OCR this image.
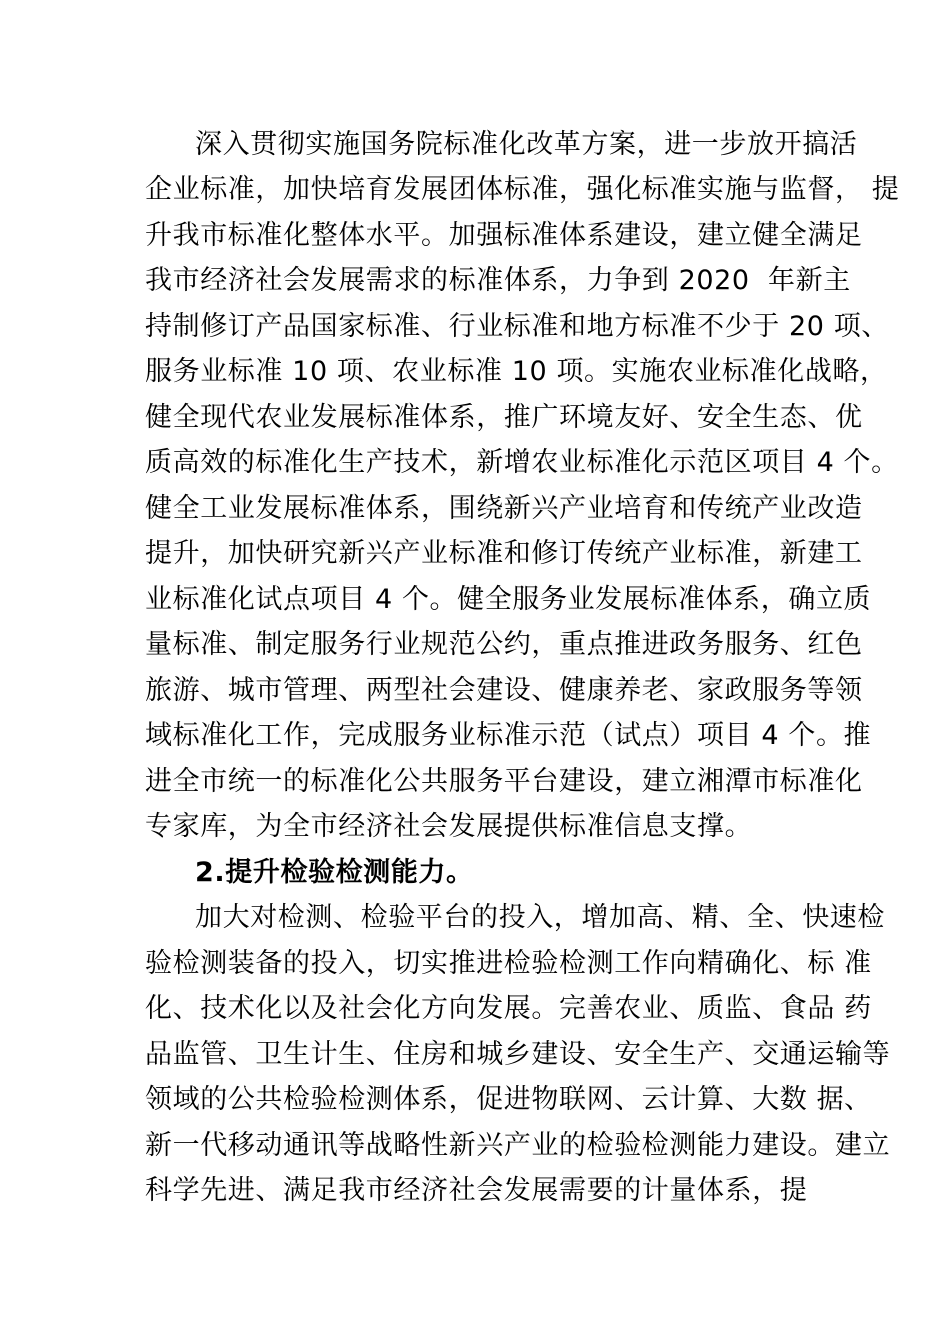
深入贯彻实施国务院标准化改革方案，进一步放开搞活
企业标准，加快培育发展团体标准，强化标准实施与监督， 提
升我市标准化整体水平。加强标准体系建设，建立健全满足
我市经济社会发展需求的标准体系，力争到 2020  年新主
持制修订产品国家标准、行业标准和地方标准不少于 20 项、
服务业标准 10 项、农业标准 10 项。实施农业标准化战略，
健全现代农业发展标准体系，推广环境友好、安全生态、优
质高效的标准化生产技术，新增农业标准化示范区项目 4 个。
健全工业发展标准体系，围绕新兴产业培育和传统产业改造
提升，加快研究新兴产业标准和修订传统产业标准，新建工
业标准化试点项目 4 个。健全服务业发展标准体系，确立质
量标准、制定服务行业规范公约，重点推进政务服务、红色
旅游、城市管理、两型社会建设、健康养老、家政服务等领
域标准化工作，完成服务业标准示范（试点）项目 4 个。推
进全市统一的标准化公共服务平台建设，建立湘潭市标准化
专家库，为全市经济社会发展提供标准信息支撑。
2.提升检验检测能力。
加大对检测、检验平台的投入，增加高、精、全、快速检
验检测装备的投入，切实推进检验检测工作向精确化、标 准
化、技术化以及社会化方向发展。完善农业、质监、食品 药
品监管、卫生计生、住房和城乡建设、安全生产、交通运输等
领域的公共检验检测体系，促进物联网、云计算、大数 据、
新一代移动通讯等战略性新兴产业的检验检测能力建设。建立
科学先进、满足我市经济社会发展需要的计量体系，提
